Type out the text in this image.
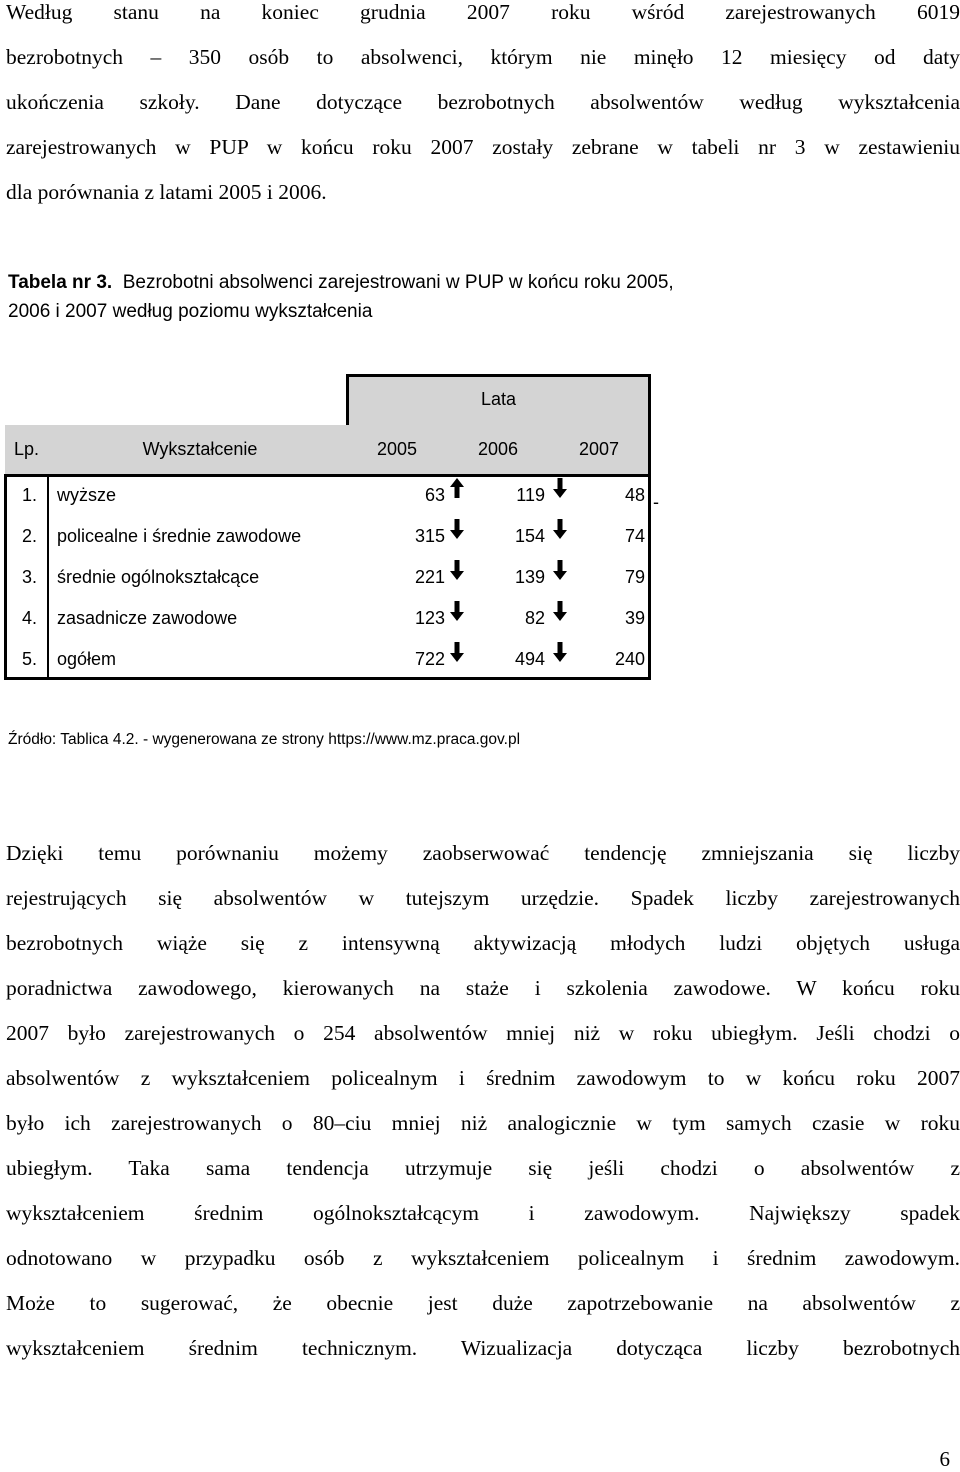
Według stanu na koniec grudnia 2007 roku wśród zarejestrowanych 6019
bezrobotnych – 350 osób to absolwenci, którym nie minęło 12 miesięcy od daty
ukończenia szkoły. Dane dotyczące bezrobotnych absolwentów według wykształcenia
zarejestrowanych w PUP w końcu roku 2007 zostały zebrane w tabeli nr 3 w zestawieniu
dla porównania z latami 2005 i 2006.
Tabela nr 3. Bezrobotni absolwenci zarejestrowani w PUP w końcu roku 2005,
2006 i 2007 według poziomu wykształcenia
Lata
Lp.	Wykształcenie	2005	2006	2007
1. wyższe	63	119	48
2. policealne i średnie zawodowe	315	154	74
3. średnie ogólnokształcące	221	139	79
4. zasadnicze zawodowe	123	82	39
5. ogółem	722	494	240
-
Źródło: Tablica 4.2. - wygenerowana ze strony https://www.mz.praca.gov.pl
Dzięki temu porównaniu możemy zaobserwować tendencję zmniejszania się liczby
rejestrujących się absolwentów w tutejszym urzędzie. Spadek liczby zarejestrowanych
bezrobotnych wiąże się z intensywną aktywizacją młodych ludzi objętych usługa
poradnictwa zawodowego, kierowanych na staże i szkolenia zawodowe. W końcu roku
2007 było zarejestrowanych o 254 absolwentów mniej niż w roku ubiegłym. Jeśli chodzi o
absolwentów z wykształceniem policealnym i średnim zawodowym to w końcu roku 2007
było ich zarejestrowanych o 80–ciu mniej niż analogicznie w tym samych czasie w roku
ubiegłym. Taka sama tendencja utrzymuje się jeśli chodzi o absolwentów z
wykształceniem średnim ogólnokształcącym i zawodowym. Największy spadek
odnotowano w przypadku osób z wykształceniem policealnym i średnim zawodowym.
Może to sugerować, że obecnie jest duże zapotrzebowanie na absolwentów z
wykształceniem średnim technicznym. Wizualizacja dotycząca liczby bezrobotnych
6
